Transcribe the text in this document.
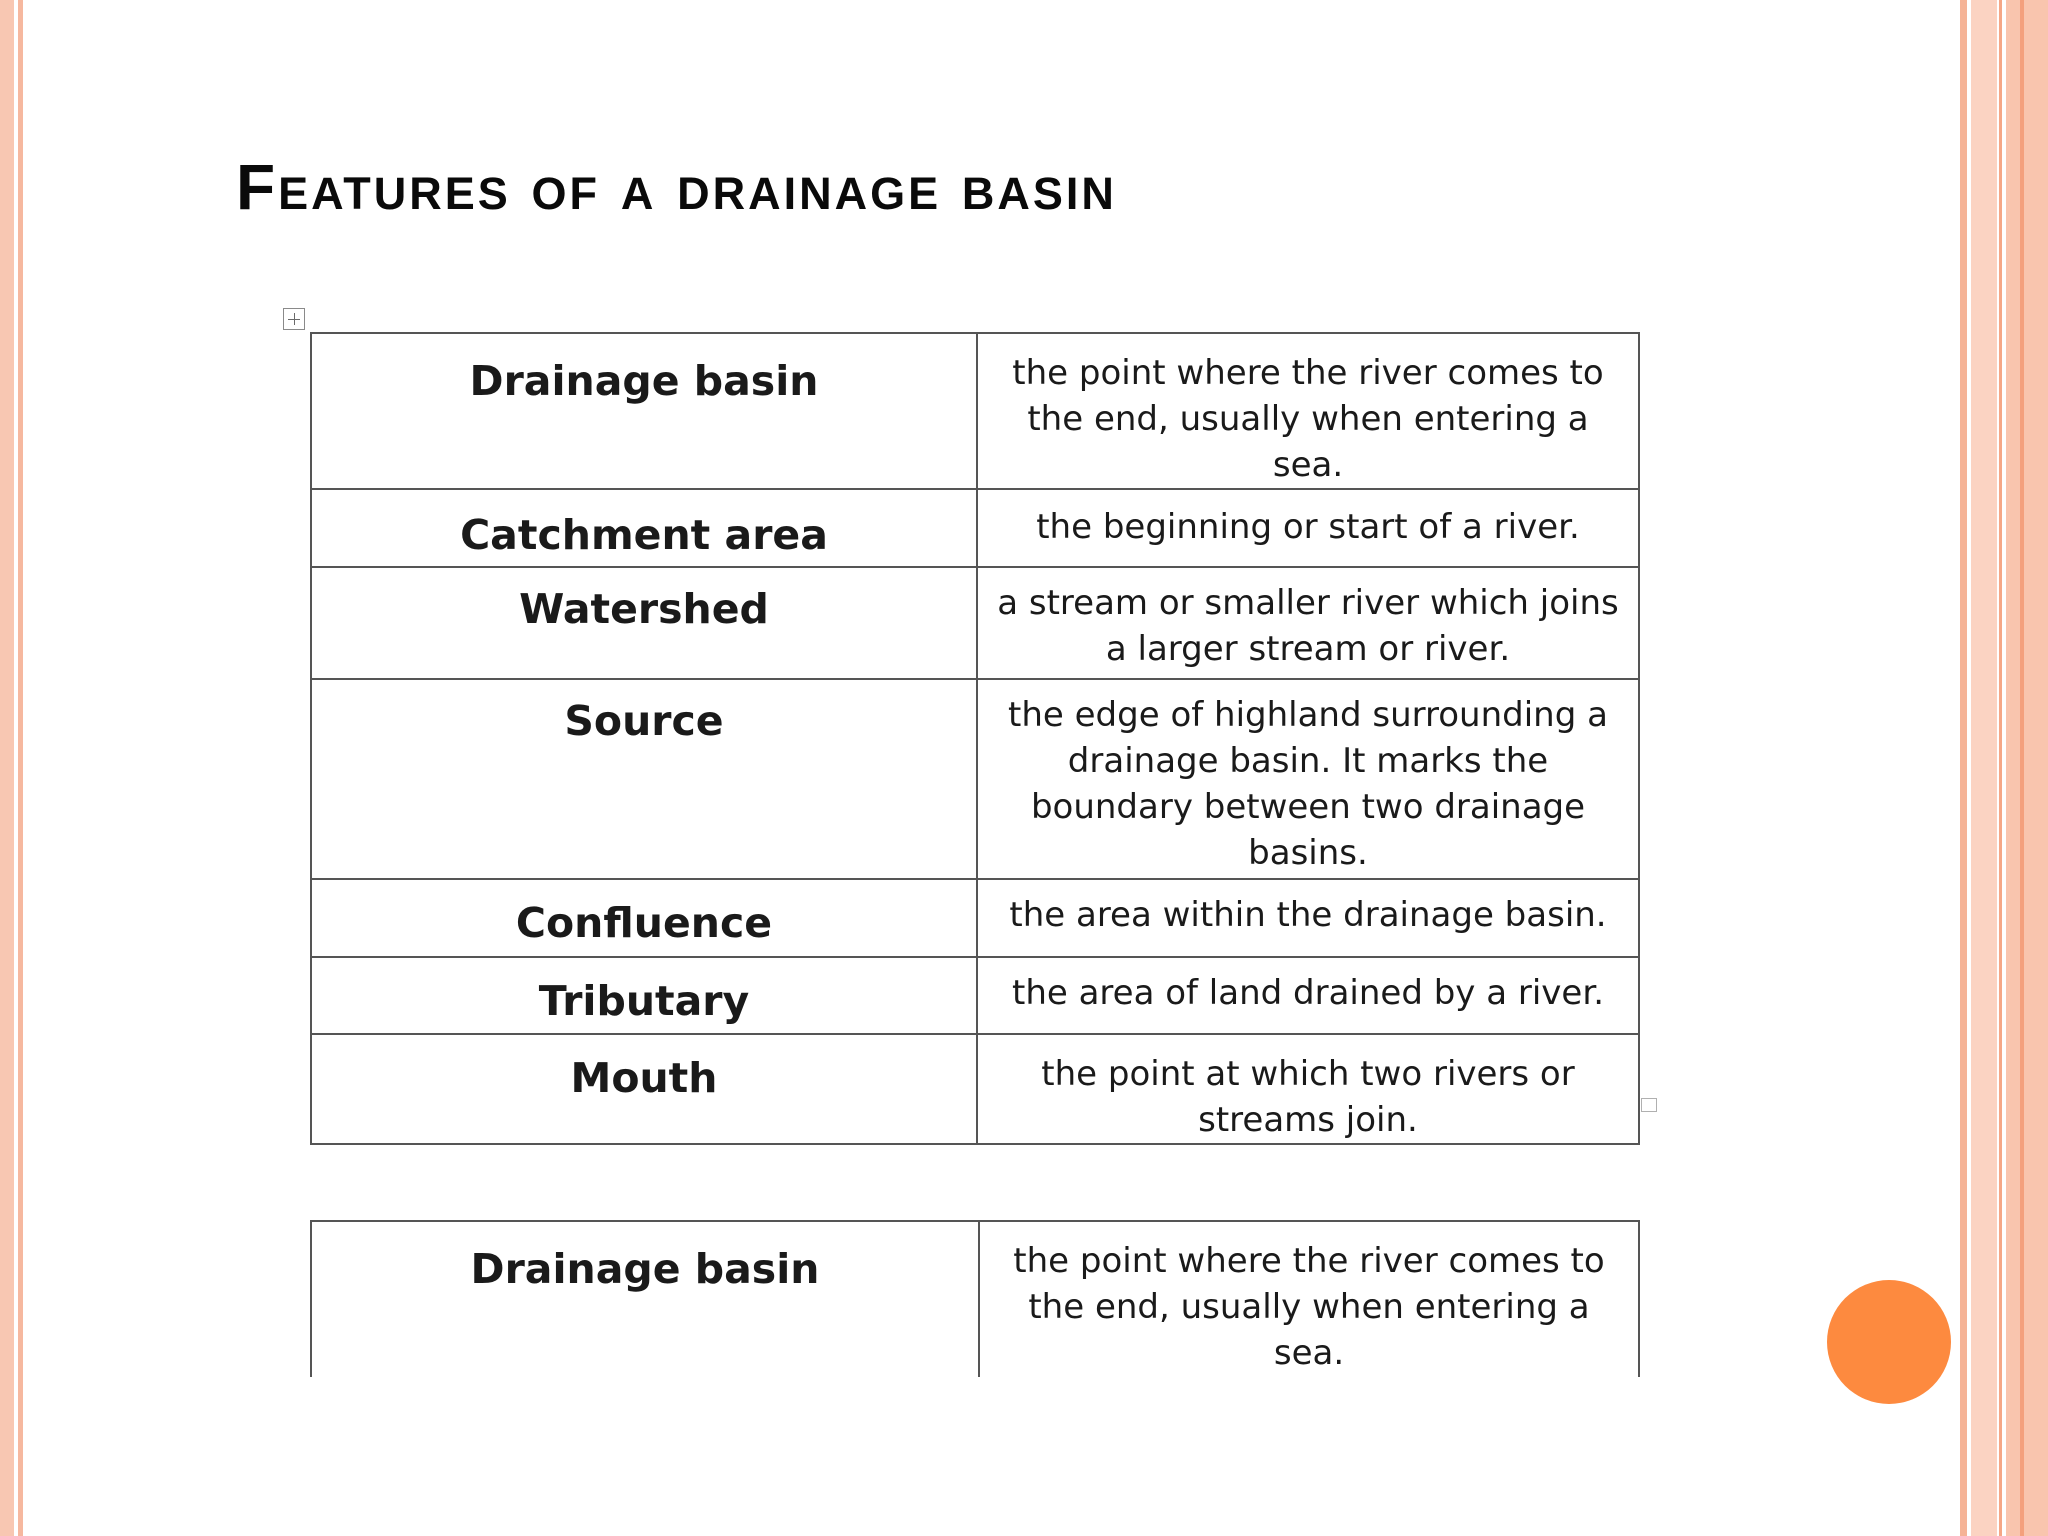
Features of a drainage basin
Drainage basin	the point where the river comes to the end, usually when entering a sea.
Catchment area	the beginning or start of a river.
Watershed	a stream or smaller river which joins a larger stream or river.
Source	the edge of highland surrounding a drainage basin. It marks the boundary between two drainage basins.
Confluence	the area within the drainage basin.
Tributary	the area of land drained by a river.
Mouth	the point at which two rivers or streams join.
Drainage basin	the point where the river comes to the end, usually when entering a sea.
